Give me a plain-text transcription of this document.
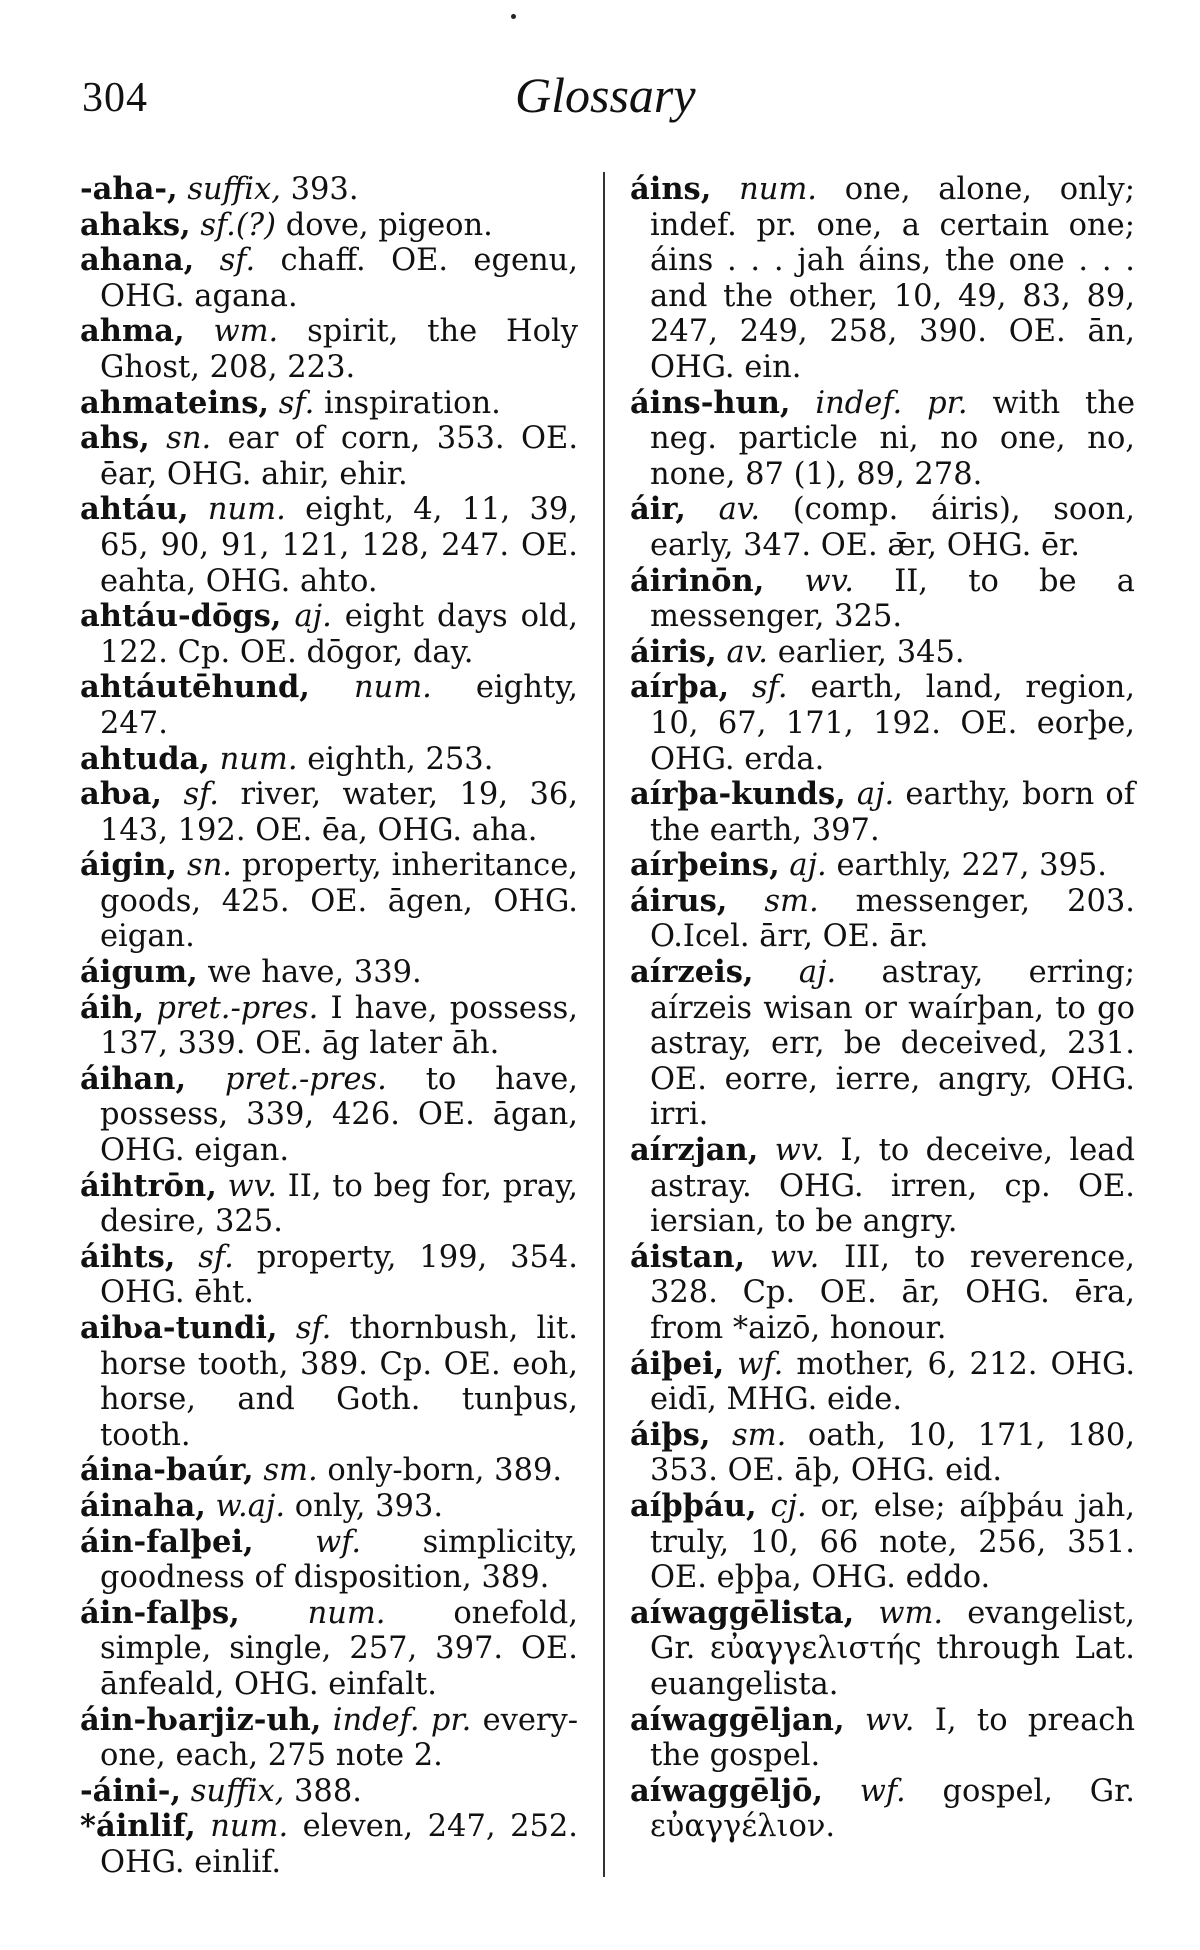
304	Glossary

-aha-, suffix, 393.

ahaks, sf.(?) dove, pigeon.

ahana, sf. chaff. OE. egenu, OHG. agana.

ahma, wm. spirit, the Holy Ghost, 208, 223.

ahmateins, sf. inspiration.

ahs, sn. ear of corn, 353. OE. ēar, OHG. ahir, ehir.

ahtáu, num. eight, 4, 11, 39, 65, 90, 91, 121, 128, 247. OE. eahta, OHG. ahto.

ahtáu-dōgs, aj. eight days old, 122. Cp. OE. dōgor, day.

ahtáutēhund, num. eighty, 247.

ahtuda, num. eighth, 253.

aƕa, sf. river, water, 19, 36, 143, 192. OE. ēa, OHG. aha.

áigin, sn. property, inheritance, goods, 425. OE. āgen, OHG. eigan.

áigum, we have, 339.

áih, pret.-pres. I have, possess, 137, 339. OE. āg later āh.

áihan, pret.-pres. to have, possess, 339, 426. OE. āgan, OHG. eigan.

áihtrōn, wv. II, to beg for, pray, desire, 325.

áihts, sf. property, 199, 354. OHG. ēht.

aiƕa-tundi, sf. thornbush, lit. horse tooth, 389. Cp. OE. eoh, horse, and Goth. tunþus, tooth.

áina-baúr, sm. only-born, 389.

áinaha, w.aj. only, 393.

áin-falþei, wf. simplicity, goodness of disposition, 389.

áin-falþs, num. onefold, simple, single, 257, 397. OE. ānfeald, OHG. einfalt.

áin-ƕarjiz-uh, indef. pr. every-one, each, 275 note 2.

-áini-, suffix, 388.

*áinlif, num. eleven, 247, 252. OHG. einlif.

áins, num. one, alone, only; indef. pr. one, a certain one; áins . . . jah áins, the one . . . and the other, 10, 49, 83, 89, 247, 249, 258, 390. OE. ān, OHG. ein.

áins-hun, indef. pr. with the neg. particle ni, no one, no, none, 87 (1), 89, 278.

áir, av. (comp. áiris), soon, early, 347. OE. ǣr, OHG. ēr.

áirinōn, wv. II, to be a messenger, 325.

áiris, av. earlier, 345.

aírþa, sf. earth, land, region, 10, 67, 171, 192. OE. eorþe, OHG. erda.

aírþa-kunds, aj. earthy, born of the earth, 397.

aírþeins, aj. earthly, 227, 395.

áirus, sm. messenger, 203. O.Icel. ārr, OE. ār.

aírzeis, aj. astray, erring; aírzeis wisan or waírþan, to go astray, err, be deceived, 231. OE. eorre, ierre, angry, OHG. irri.

aírzjan, wv. I, to deceive, lead astray. OHG. irren, cp. OE. iersian, to be angry.

áistan, wv. III, to reverence, 328. Cp. OE. ār, OHG. ēra, from *aizō, honour.

áiþei, wf. mother, 6, 212. OHG. eidī, MHG. eide.

áiþs, sm. oath, 10, 171, 180, 353. OE. āþ, OHG. eid.

aíþþáu, cj. or, else; aíþþáu jah, truly, 10, 66 note, 256, 351. OE. eþþa, OHG. eddo.

aíwaggēlista, wm. evangelist, Gr. εὐαγγελιστής through Lat. euangelista.

aíwaggēljan, wv. I, to preach the gospel.

aíwaggēljō, wf. gospel, Gr. εὐαγγέλιον.
